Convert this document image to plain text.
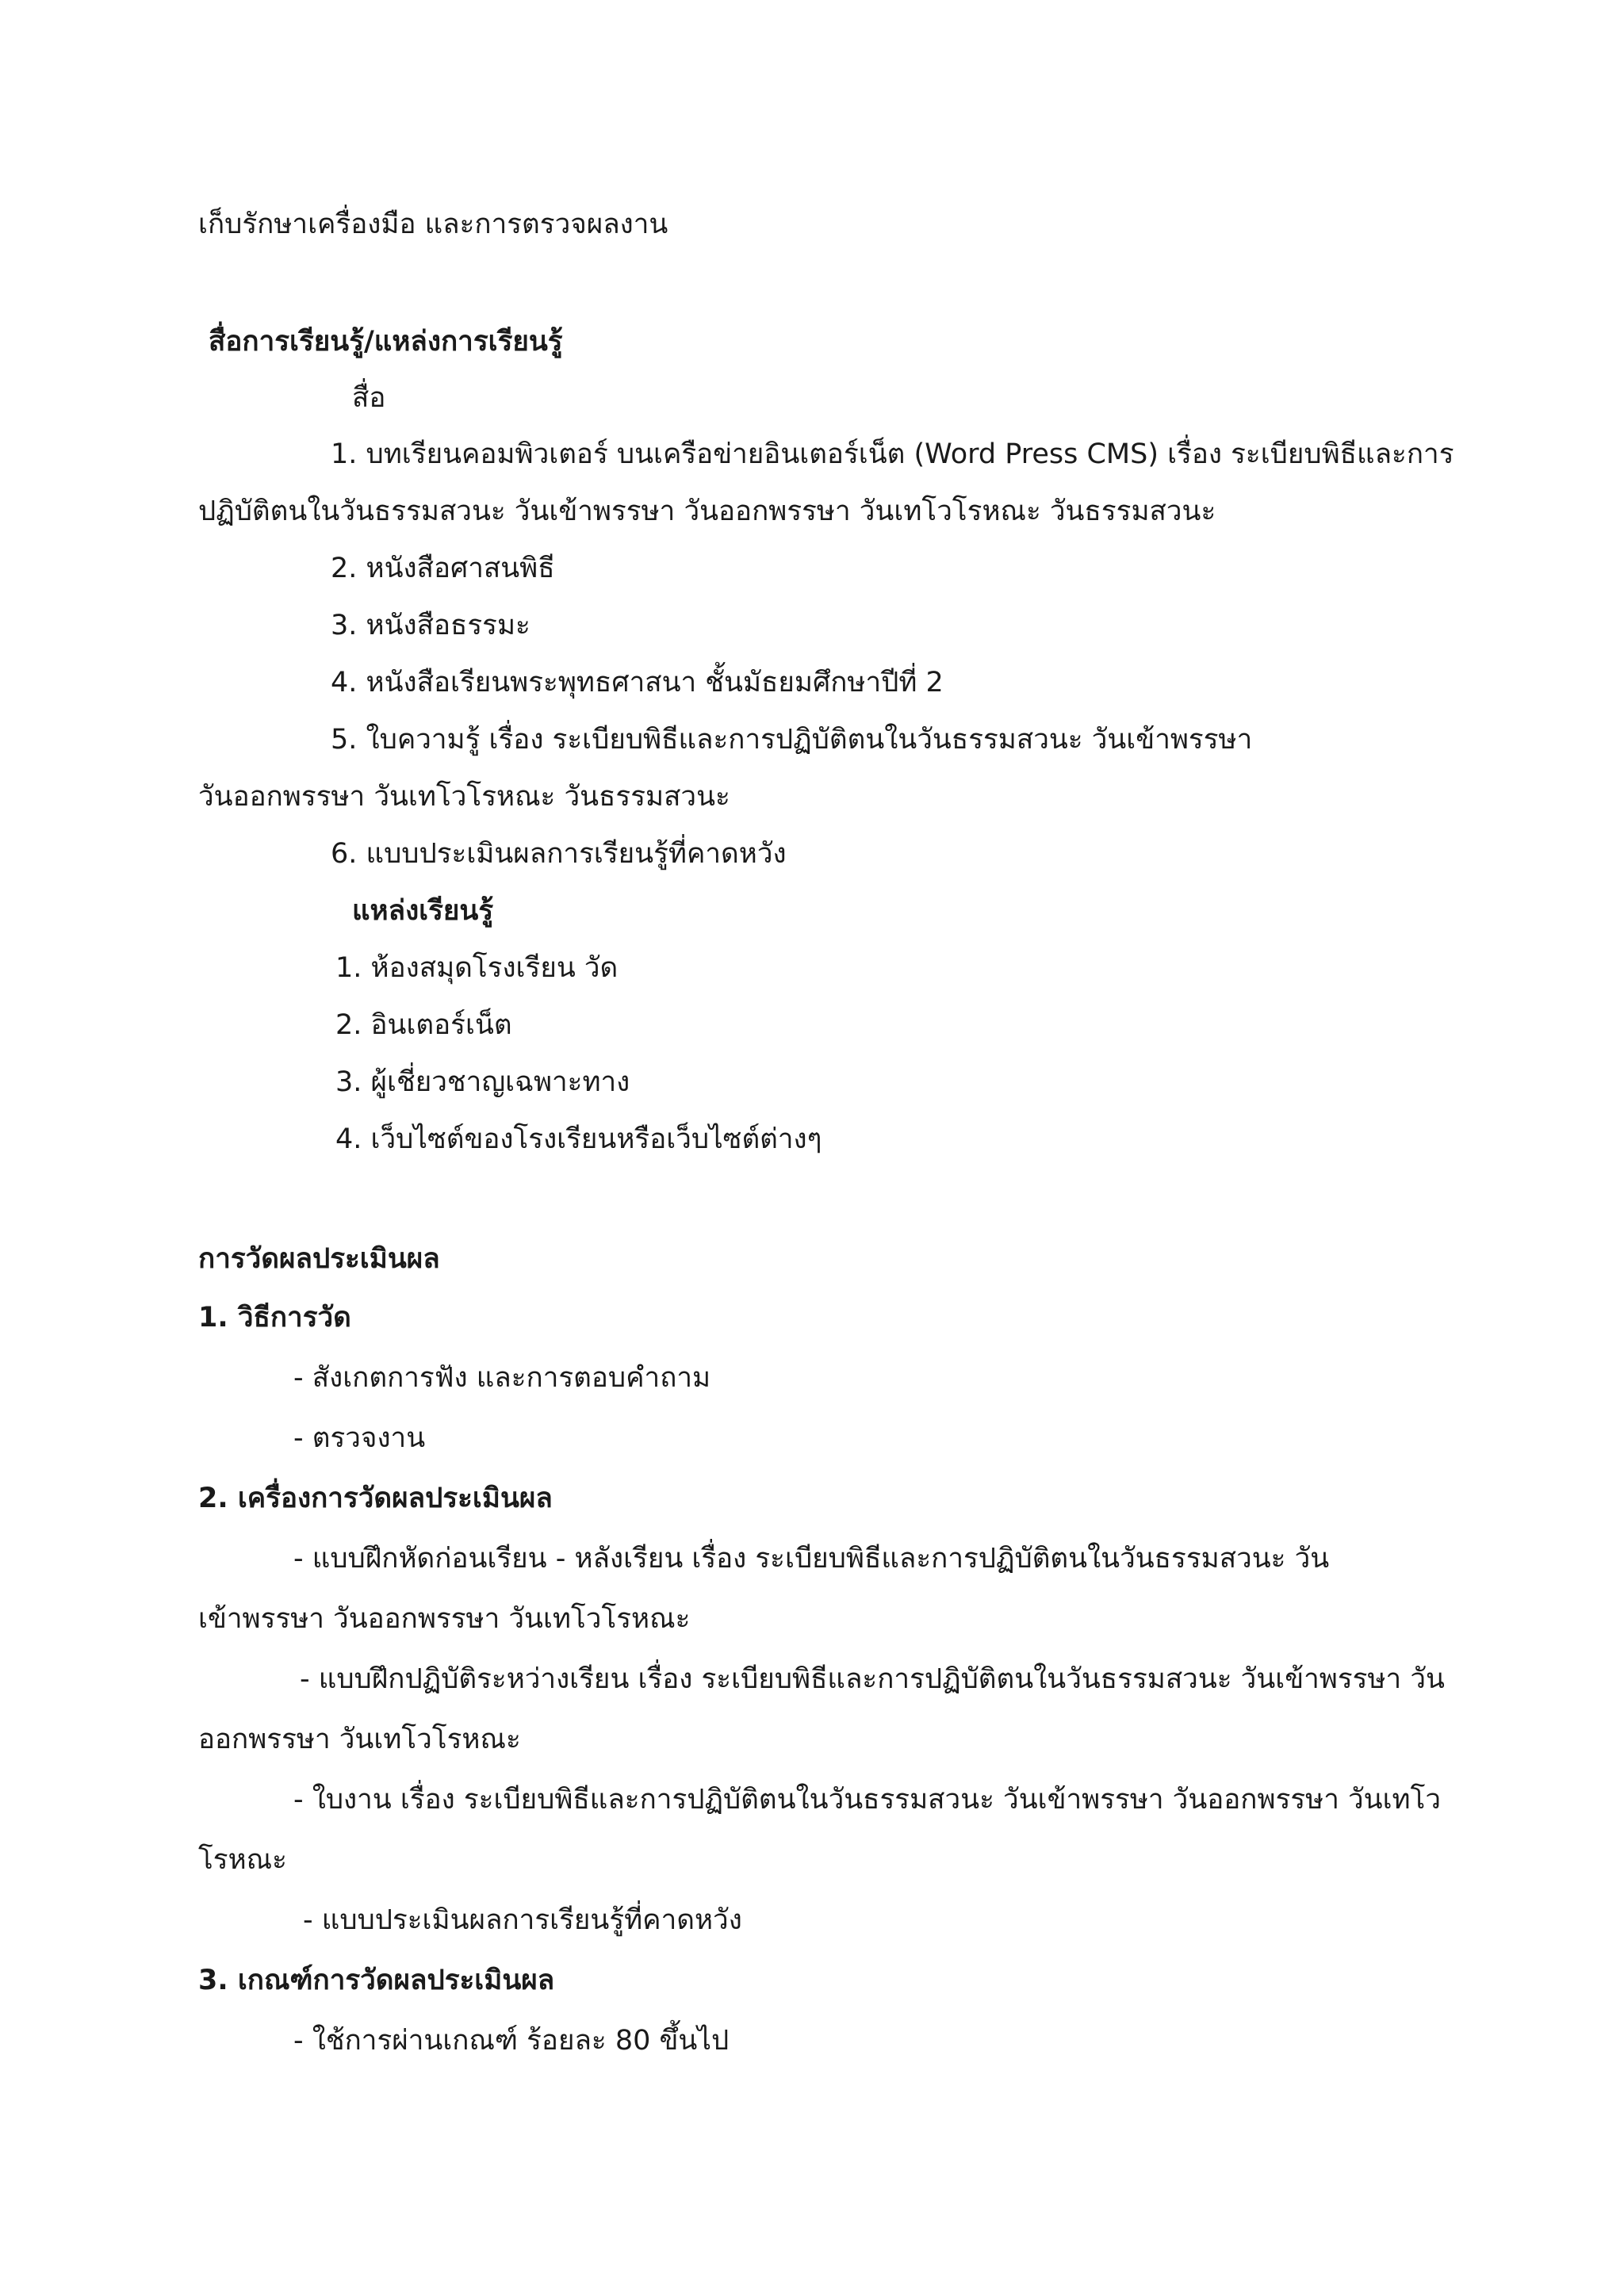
เก็บรักษาเครื่องมือ และการตรวจผลงาน
สื่อการเรียนรู้/แหล่งการเรียนรู้
สื่อ
1. บทเรียนคอมพิวเตอร์ บนเครือข่ายอินเตอร์เน็ต (Word Press CMS) เรื่อง ระเบียบพิธีและการ
ปฏิบัติตนในวันธรรมสวนะ วันเข้าพรรษา วันออกพรรษา วันเทโวโรหณะ วันธรรมสวนะ
2. หนังสือศาสนพิธี
3. หนังสือธรรมะ
4. หนังสือเรียนพระพุทธศาสนา ชั้นมัธยมศึกษาปีที่ 2
5. ใบความรู้ เรื่อง ระเบียบพิธีและการปฏิบัติตนในวันธรรมสวนะ วันเข้าพรรษา
วันออกพรรษา วันเทโวโรหณะ วันธรรมสวนะ
6. แบบประเมินผลการเรียนรู้ที่คาดหวัง
แหล่งเรียนรู้
1. ห้องสมุดโรงเรียน วัด
2. อินเตอร์เน็ต
3. ผู้เชี่ยวชาญเฉพาะทาง
4. เว็บไซต์ของโรงเรียนหรือเว็บไซต์ต่างๆ
การวัดผลประเมินผล
1. วิธีการวัด
- สังเกตการฟัง และการตอบคำถาม
- ตรวจงาน
2. เครื่องการวัดผลประเมินผล
- แบบฝึกหัดก่อนเรียน - หลังเรียน เรื่อง ระเบียบพิธีและการปฏิบัติตนในวันธรรมสวนะ วัน
เข้าพรรษา วันออกพรรษา วันเทโวโรหณะ
- แบบฝึกปฏิบัติระหว่างเรียน เรื่อง ระเบียบพิธีและการปฏิบัติตนในวันธรรมสวนะ วันเข้าพรรษา วัน
ออกพรรษา วันเทโวโรหณะ
- ใบงาน เรื่อง ระเบียบพิธีและการปฏิบัติตนในวันธรรมสวนะ วันเข้าพรรษา วันออกพรรษา วันเทโว
โรหณะ
- แบบประเมินผลการเรียนรู้ที่คาดหวัง
3. เกณฑ์การวัดผลประเมินผล
- ใช้การผ่านเกณฑ์ ร้อยละ 80 ขึ้นไป
